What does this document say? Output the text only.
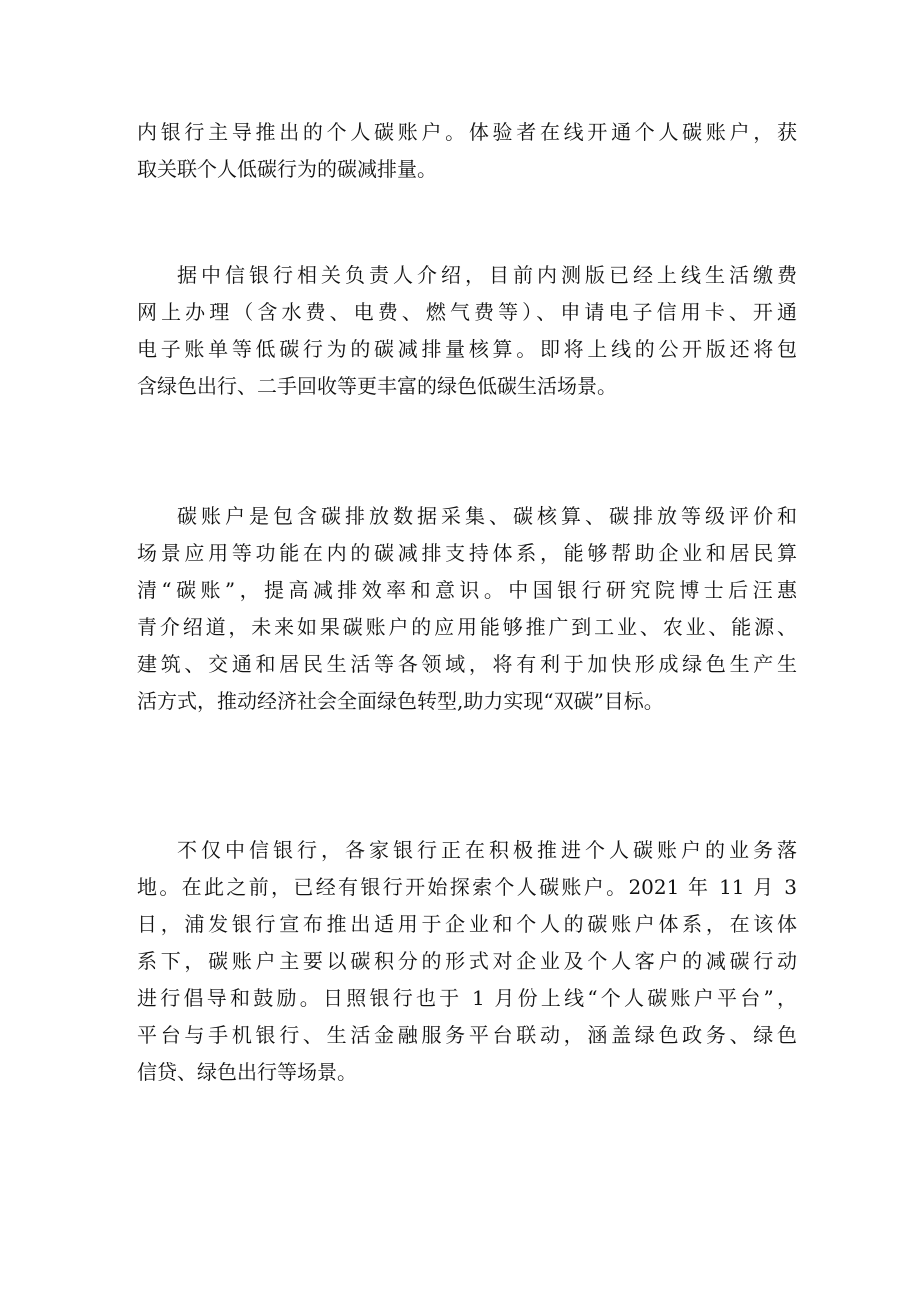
内银行主导推出的个人碳账户。体验者在线开通个人碳账户，获
取关联个人低碳行为的碳减排量。
据中信银行相关负责人介绍，目前内测版已经上线生活缴费
网上办理（含水费、电费、燃气费等）、申请电子信用卡、开通
电子账单等低碳行为的碳减排量核算。即将上线的公开版还将包
含绿色出行、二手回收等更丰富的绿色低碳生活场景。
碳账户是包含碳排放数据采集、碳核算、碳排放等级评价和
场景应用等功能在内的碳减排支持体系，能够帮助企业和居民算
清“碳账”，提高减排效率和意识。中国银行研究院博士后汪惠
青介绍道，未来如果碳账户的应用能够推广到工业、农业、能源、
建筑、交通和居民生活等各领域，将有利于加快形成绿色生产生
活方式，推动经济社会全面绿色转型,助力实现“双碳”目标。
不仅中信银行，各家银行正在积极推进个人碳账户的业务落
地。在此之前，已经有银行开始探索个人碳账户。2021 年 11 月 3
日，浦发银行宣布推出适用于企业和个人的碳账户体系，在该体
系下，碳账户主要以碳积分的形式对企业及个人客户的减碳行动
进行倡导和鼓励。日照银行也于 1 月份上线“个人碳账户平台”，
平台与手机银行、生活金融服务平台联动，涵盖绿色政务、绿色
信贷、绿色出行等场景。
